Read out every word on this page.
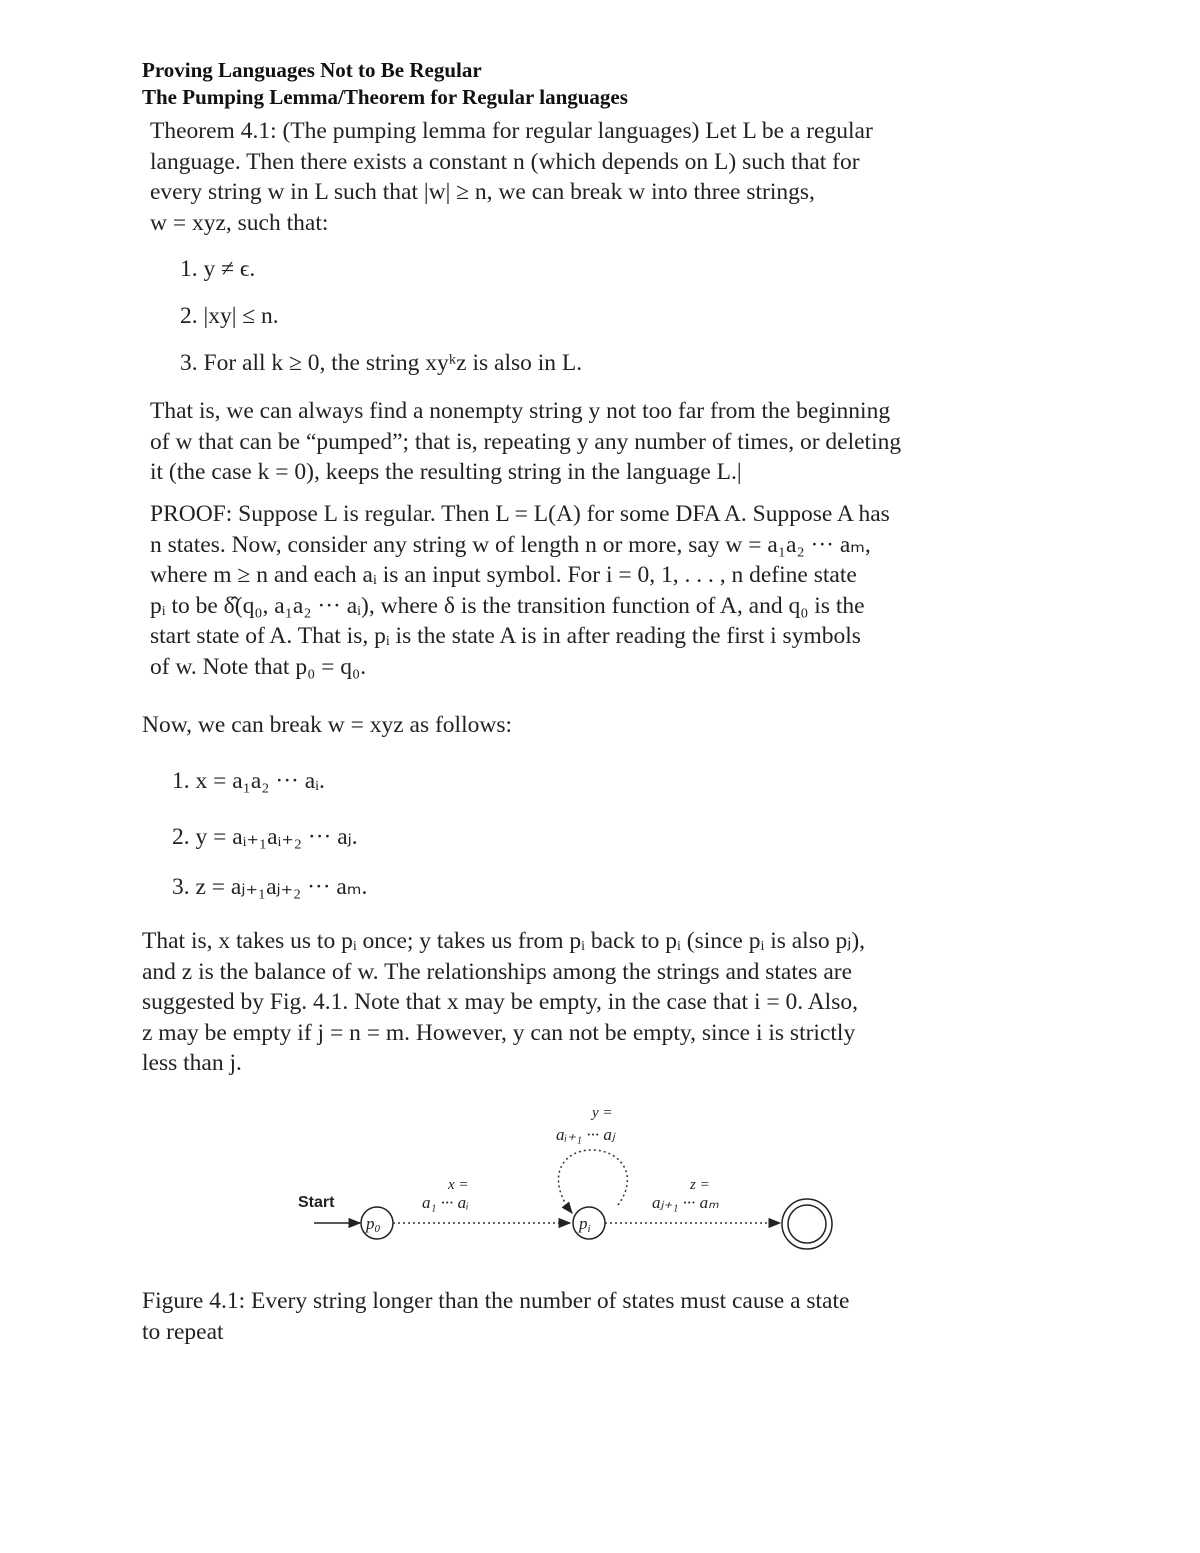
Proving Languages Not to Be Regular
The Pumping Lemma/Theorem for Regular languages
Theorem 4.1: (The pumping lemma for regular languages) Let L be a regular
language. Then there exists a constant n (which depends on L) such that for
every string w in L such that |w| ≥ n, we can break w into three strings,
w = xyz, such that:
1. y ≠ ϵ.
2. |xy| ≤ n.
3. For all k ≥ 0, the string xyᵏz is also in L.
That is, we can always find a nonempty string y not too far from the beginning
of w that can be “pumped”; that is, repeating y any number of times, or deleting
it (the case k = 0), keeps the resulting string in the language L.|
PROOF: Suppose L is regular. Then L = L(A) for some DFA A. Suppose A has
n states. Now, consider any string w of length n or more, say w = a₁a₂ ··· aₘ,
where m ≥ n and each aᵢ is an input symbol. For i = 0, 1, . . . , n define state
pᵢ to be δ̂(q₀, a₁a₂ ··· aᵢ), where δ is the transition function of A, and q₀ is the
start state of A. That is, pᵢ is the state A is in after reading the first i symbols
of w. Note that p₀ = q₀.
Now, we can break w = xyz as follows:
1. x = a₁a₂ ··· aᵢ.
2. y = aᵢ₊₁aᵢ₊₂ ··· aⱼ.
3. z = aⱼ₊₁aⱼ₊₂ ··· aₘ.
That is, x takes us to pᵢ once; y takes us from pᵢ back to pᵢ (since pᵢ is also pⱼ),
and z is the balance of w. The relationships among the strings and states are
suggested by Fig. 4.1. Note that x may be empty, in the case that i = 0. Also,
z may be empty if j = n = m. However, y can not be empty, since i is strictly
less than j.
Start
p0
x =
a₁ ··· aᵢ
pi
y =
aᵢ₊₁ ··· aⱼ
z =
aⱼ₊₁ ··· aₘ
Figure 4.1: Every string longer than the number of states must cause a state
to repeat
